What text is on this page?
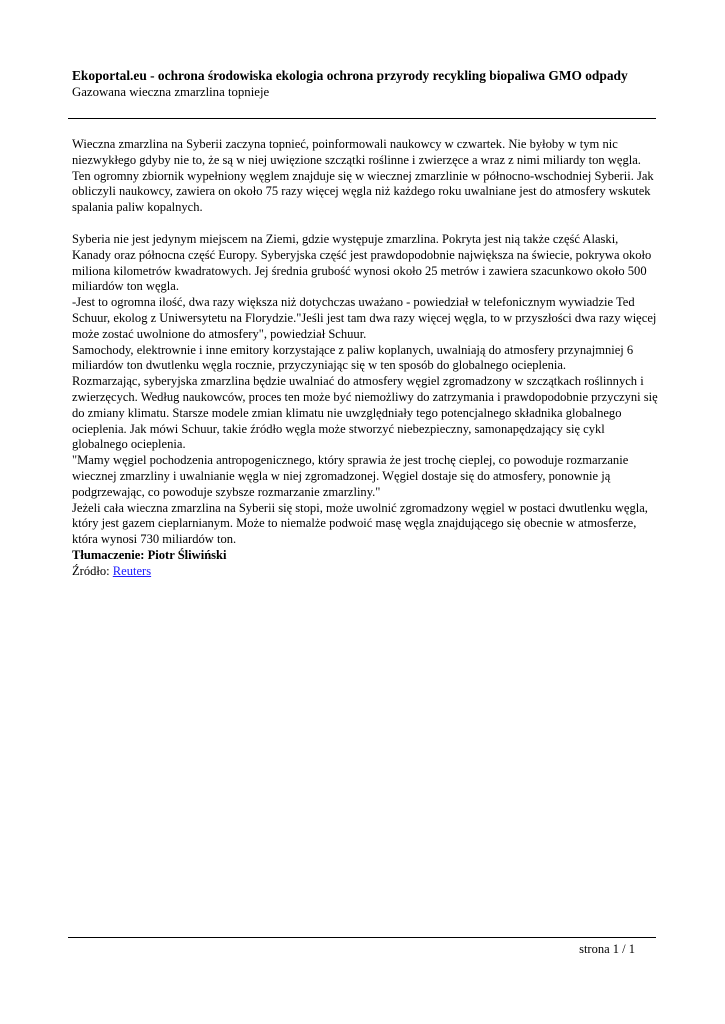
Ekoportal.eu - ochrona środowiska ekologia ochrona przyrody recykling biopaliwa GMO odpady

Gazowana wieczna zmarzlina topnieje

Wieczna zmarzlina na Syberii zaczyna topnieć, poinformowali naukowcy w czwartek. Nie byłoby w tym nic niezwykłego gdyby nie to, że są w niej uwięzione szczątki roślinne i zwierzęce a wraz z nimi miliardy ton węgla. Ten ogromny zbiornik wypełniony węglem znajduje się w wiecznej zmarzlinie w północno-wschodniej Syberii. Jak obliczyli naukowcy, zawiera on około 75 razy więcej węgla niż każdego roku uwalniane jest do atmosfery wskutek spalania paliw kopalnych.

Syberia nie jest jedynym miejscem na Ziemi, gdzie występuje zmarzlina. Pokryta jest nią także część Alaski, Kanady oraz północna część Europy. Syberyjska część jest prawdopodobnie największa na świecie, pokrywa około miliona kilometrów kwadratowych. Jej średnia grubość wynosi około 25 metrów i zawiera szacunkowo około 500 miliardów ton węgla.

-Jest to ogromna ilość, dwa razy większa niż dotychczas uważano - powiedział w telefonicznym wywiadzie Ted Schuur, ekolog z Uniwersytetu na Florydzie."Jeśli jest tam dwa razy więcej węgla, to w przyszłości dwa razy więcej może zostać uwolnione do atmosfery", powiedział Schuur.

Samochody, elektrownie i inne emitory korzystające z paliw koplanych, uwalniają do atmosfery przynajmniej 6 miliardów ton dwutlenku węgla rocznie, przyczyniając się w ten sposób do globalnego ocieplenia.

Rozmarzając, syberyjska zmarzlina będzie uwalniać do atmosfery węgiel zgromadzony w szczątkach roślinnych i zwierzęcych. Według naukowców, proces ten może być niemożliwy do zatrzymania i prawdopodobnie przyczyni się do zmiany klimatu. Starsze modele zmian klimatu nie uwzględniały tego potencjalnego składnika globalnego ocieplenia. Jak mówi Schuur, takie źródło węgla może stworzyć niebezpieczny, samonapędzający się cykl globalnego ocieplenia.

"Mamy węgiel pochodzenia antropogenicznego, który sprawia że jest trochę cieplej, co powoduje rozmarzanie wiecznej zmarzliny i uwalnianie węgla w niej zgromadzonej. Węgiel dostaje się do atmosfery, ponownie ją podgrzewając, co powoduje szybsze rozmarzanie zmarzliny."

Jeżeli cała wieczna zmarzlina na Syberii się stopi, może uwolnić zgromadzony węgiel w postaci dwutlenku węgla, który jest gazem cieplarnianym. Może to niemalże podwoić masę węgla znajdującego się obecnie w atmosferze, która wynosi 730 miliardów ton.

Tłumaczenie: Piotr Śliwiński

Źródło: Reuters

strona 1 / 1
